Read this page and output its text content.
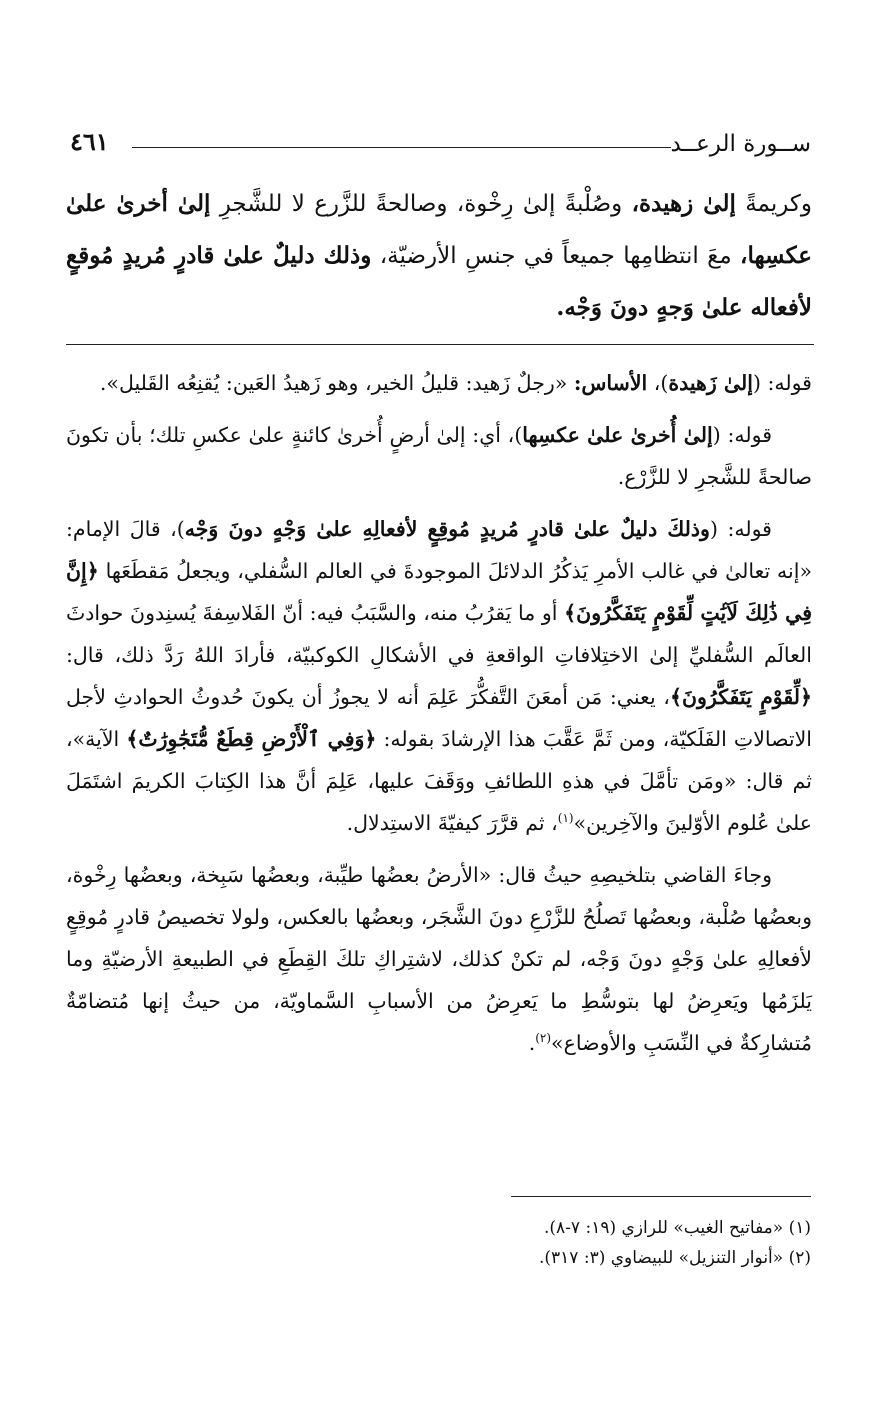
ســورة الرعــد
٤٦١

وكريمةً إلىٰ زهيدة، وصُلْبةً إلىٰ رِخْوة، وصالحةً للزَّرع لا للشَّجرِ إلىٰ أخرىٰ علىٰ عكسِها، معَ انتظامِها جميعاً في جنسِ الأرضيّة، وذلك دليلٌ علىٰ قادرٍ مُريدٍ مُوقعٍ لأفعاله علىٰ وَجهٍ دونَ وَجْه.

قوله: (إلىٰ زَهيدة)، الأساس: «رجلٌ زَهيد: قليلُ الخير، وهو زَهيدُ العَين: يُقنِعُه القَليل».

قوله: (إلىٰ أُخرىٰ علىٰ عكسِها)، أي: إلىٰ أرضٍ أُخرىٰ كائنةٍ علىٰ عكسِ تلك؛ بأن تكونَ صالحةً للشَّجرِ لا للزَّرْع.

قوله: (وذلكَ دليلٌ علىٰ قادرٍ مُريدٍ مُوقِعٍ لأفعالِهِ علىٰ وَجْهٍ دونَ وَجْه)، قالَ الإمام: «إنه تعالىٰ في غالب الأمرِ يَذكُرُ الدلائلَ الموجودةَ في العالم السُّفلي، ويجعلُ مَقطَعَها ﴿إِنَّ فِي ذَٰلِكَ لَآيَٰتٍ لِّقَوْمٍ يَتَفَكَّرُونَ﴾ أو ما يَقرُبُ منه، والسَّبَبُ فيه: أنّ الفَلاسِفةَ يُسنِدونَ حوادثَ العالَم السُّفليِّ إلىٰ الاختِلافاتِ الواقعةِ في الأشكالِ الكوكبيّة، فأرادَ اللهُ رَدَّ ذلك، قال: ﴿لِّقَوْمٍ يَتَفَكَّرُونَ﴾، يعني: مَن أمعَنَ التَّفكُّرَ عَلِمَ أنه لا يجوزُ أن يكونَ حُدوثُ الحوادثِ لأجل الاتصالاتِ الفَلَكيّة، ومن ثَمَّ عَقَّبَ هذا الإرشادَ بقوله: ﴿وَفِي ٱلْأَرْضِ قِطَعٌ مُّتَجَٰوِرَٰتٌ﴾ الآية»، ثم قال: «ومَن تأمَّلَ في هذهِ اللطائفِ ووَقَفَ عليها، عَلِمَ أنَّ هذا الكِتابَ الكريمَ اشتَمَلَ علىٰ عُلوم الأوّلينَ والآخِرين»$^{(١)}$، ثم قرَّرَ كيفيّةَ الاستِدلال.

وجاءَ القاضي بتلخيصِهِ حيثُ قال: «الأرضُ بعضُها طيِّبة، وبعضُها سَبِخة، وبعضُها رِخْوة، وبعضُها صُلْبة، وبعضُها تَصلُحُ للزَّرْعِ دونَ الشَّجَر، وبعضُها بالعكس، ولولا تخصيصُ قادرٍ مُوقِعٍ لأفعالِهِ علىٰ وَجْهٍ دونَ وَجْه، لم تكنْ كذلك، لاشتِراكِ تلكَ القِطَعِ في الطبيعةِ الأرضيّةِ وما يَلزَمُها ويَعرِضُ لها بتوسُّطِ ما يَعرِضُ من الأسبابِ السَّماويّة، من حيثُ إنها مُتضامّةٌ مُتشارِكةٌ في النِّسَبِ والأوضاع»$^{(٢)}$.

(١) «مفاتيح الغيب» للرازي (١٩: ٧-٨).
(٢) «أنوار التنزيل» للبيضاوي (٣: ٣١٧).
